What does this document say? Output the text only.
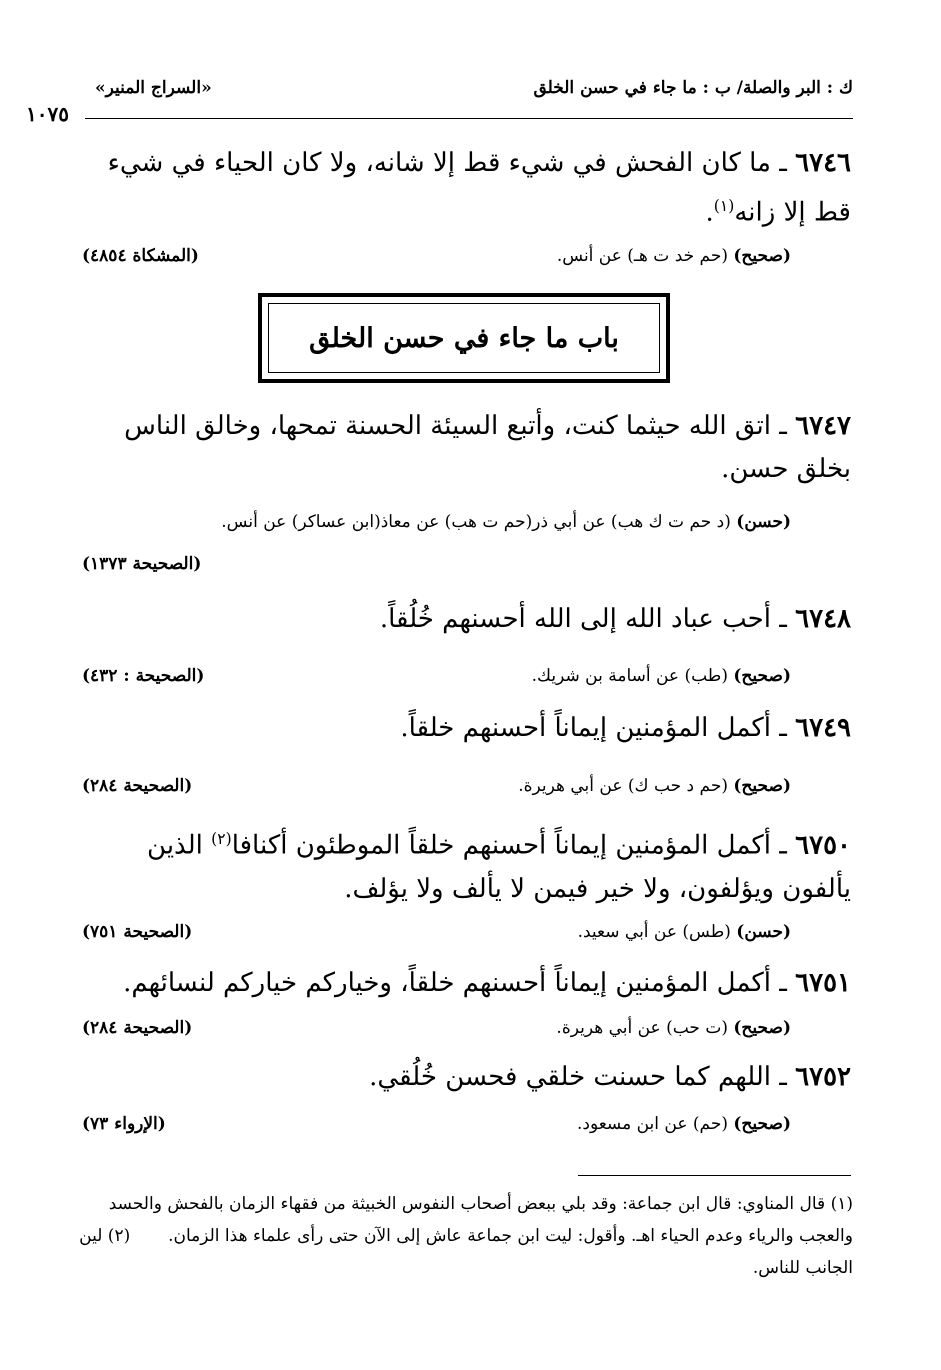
ك : البر والصلة/ ب : ما جاء في حسن الخلق
«السراج المنير»
١٠٧٥
٦٧٤٦ ـ ما كان الفحش في شيء قط إلا شانه، ولا كان الحياء في شيء قط إلا زانه$^{(١)}$.
(صحيح) (حم خد ت هـ) عن أنس.
(المشكاة ٤٨٥٤)
باب ما جاء في حسن الخلق
٦٧٤٧ ـ اتق الله حيثما كنت، وأتبع السيئة الحسنة تمحها، وخالق الناس بخلق حسن.
(حسن) (د حم ت ك هب) عن أبي ذر(حم ت هب) عن معاذ(ابن عساكر) عن أنس.
(الصحيحة ١٣٧٣)
٦٧٤٨ ـ أحب عباد الله إلى الله أحسنهم خُلُقاً.
(صحيح) (طب) عن أسامة بن شريك.
(الصحيحة : ٤٣٢)
٦٧٤٩ ـ أكمل المؤمنين إيماناً أحسنهم خلقاً.
(صحيح) (حم د حب ك) عن أبي هريرة.
(الصحيحة ٢٨٤)
٦٧٥٠ ـ أكمل المؤمنين إيماناً أحسنهم خلقاً الموطئون أكنافا$^{(٢)}$ الذين يألفون ويؤلفون، ولا خير فيمن لا يألف ولا يؤلف.
(حسن) (طس) عن أبي سعيد.
(الصحيحة ٧٥١)
٦٧٥١ ـ أكمل المؤمنين إيماناً أحسنهم خلقاً، وخياركم خياركم لنسائهم.
(صحيح) (ت حب) عن أبي هريرة.
(الصحيحة ٢٨٤)
٦٧٥٢ ـ اللهم كما حسنت خلقي فحسن خُلُقي.
(صحيح) (حم) عن ابن مسعود.
(الإرواء ٧٣)
(١) قال المناوي: قال ابن جماعة: وقد بلي ببعض أصحاب النفوس الخبيثة من فقهاء الزمان بالفحش والحسد والعجب والرياء وعدم الحياء اهـ. وأقول: ليت ابن جماعة عاش إلى الآن حتى رأى علماء هذا الزمان.       (٢) لين الجانب للناس.
